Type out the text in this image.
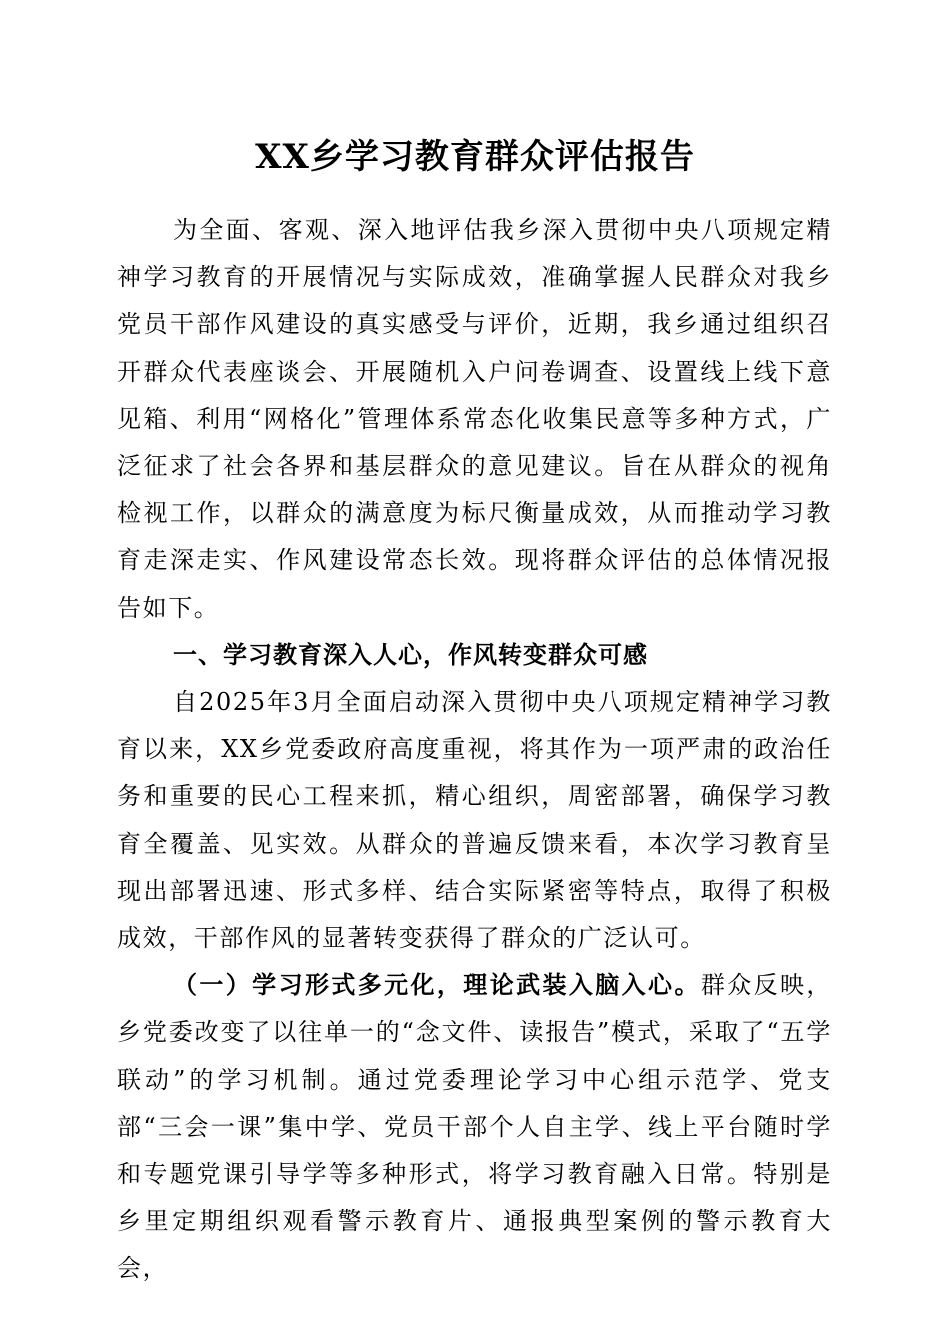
XX乡学习教育群众评估报告

为全面、客观、深入地评估我乡深入贯彻中央八项规定精神学习教育的开展情况与实际成效，准确掌握人民群众对我乡党员干部作风建设的真实感受与评价，近期，我乡通过组织召开群众代表座谈会、开展随机入户问卷调查、设置线上线下意见箱、利用“网格化”管理体系常态化收集民意等多种方式，广泛征求了社会各界和基层群众的意见建议。旨在从群众的视角检视工作，以群众的满意度为标尺衡量成效，从而推动学习教育走深走实、作风建设常态长效。现将群众评估的总体情况报告如下。

一、学习教育深入人心，作风转变群众可感

自2025年3月全面启动深入贯彻中央八项规定精神学习教育以来，XX乡党委政府高度重视，将其作为一项严肃的政治任务和重要的民心工程来抓，精心组织，周密部署，确保学习教育全覆盖、见实效。从群众的普遍反馈来看，本次学习教育呈现出部署迅速、形式多样、结合实际紧密等特点，取得了积极成效，干部作风的显著转变获得了群众的广泛认可。

（一）学习形式多元化，理论武装入脑入心。群众反映，乡党委改变了以往单一的“念文件、读报告”模式，采取了“五学联动”的学习机制。通过党委理论学习中心组示范学、党支部“三会一课”集中学、党员干部个人自主学、线上平台随时学和专题党课引导学等多种形式，将学习教育融入日常。特别是乡里定期组织观看警示教育片、通报典型案例的警示教育大会，
